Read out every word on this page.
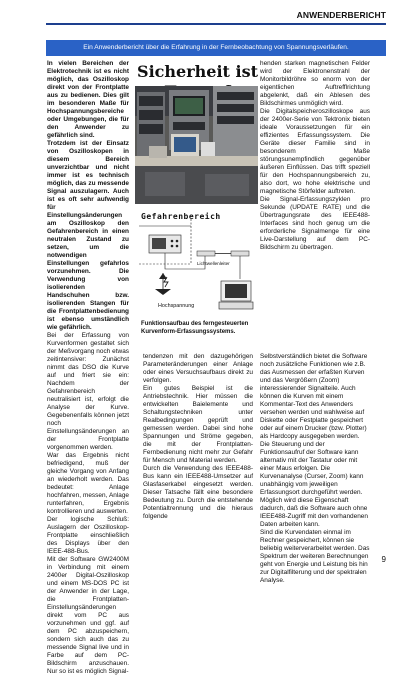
ANWENDERBERICHT
Ein Anwenderbericht über die Erfahrung in der Fernbeobachtung von Spannungsverläufen.

In vielen Bereichen der Elektrotechnik ist es nicht möglich, das Oszilloskop direkt von der Frontplatte aus zu bedienen. Dies gilt im besonderen Maße für Hochspannungsbereiche oder Umgebungen, die für den Anwender zu gefährlich sind.

Trotzdem ist der Einsatz von Oszilloskopen in diesem Bereich unverzichtbar und nicht immer ist es technisch möglich, das zu messende Signal auszulagern. Auch ist es oft sehr aufwendig für Einstellungsänderungen am Oszilloskop den Gefahrenbereich in einen neutralen Zustand zu setzen, um die notwendigen Einstellungen gefahrlos vorzunehmen. Die Verwendung von isolierenden Handschuhen bzw. isolierenden Stangen für die Frontplattenbedienung ist ebenso umständlich wie gefährlich.

Bei der Erfassung von Kurvenformen gestaltet sich der Meßvorgang noch etwas zeitintensiver: Zunächst nimmt das DSO die Kurve auf und friert sie ein: Nachdem der Gefahrenbereich neutralisiert ist, erfolgt die Analyse der Kurve. Gegebenenfalls können jetzt noch Einstellungsänderungen an der Frontplatte vorgenommen werden.

War das Ergebnis nicht befriedigend, muß der gleiche Vorgang von Anfang an wiederholt werden. Das bedeutet: Anlage hochfahren, messen, Anlage runterfahren, Ergebnis kontrollieren und auswerten.

Der logische Schluß: Auslagern der Oszilloskop-Frontplatte einschließlich des Displays über den IEEE-488-Bus.

Mit der Software GW2400M in Verbindung mit einem 2400er Digital-Oszilloskop und einem MS-DOS PC ist der Anwender in der Lage, die Frontplatten-Einstellungsänderungen direkt vom PC aus vorzunehmen und ggf. auf dem PC abzuspeichern, sondern sich auch das zu messende Signal live und in Farbe auf dem PC-Bildschirm anzuschauen. Nur so ist es möglich Signal-

Sicherheit ist
Gefahrenbereich
Lichtwellenleiter
Hochspannung
Funktionsaufbau des ferngesteuerten Kurvenform-Erfassungssystems.

tendenzen mit den dazugehörigen Parameteränderungen einer Anlage oder eines Versuchsaufbaus direkt zu verfolgen.

Ein gutes Beispiel ist die Antriebstechnik. Hier müssen die entwickelten Baielemente und Schaltungstechniken unter Realbedingungen geprüft und gemessen werden. Dabei sind hohe Spannungen und Ströme gegeben, die mit der Frontplatten-Fernbedienung nicht mehr zur Gefahr für Mensch und Material werden.

Durch die Verwendung des IEEE488-Bus kann ein IEEE488-Umsetzer auf Glasfaserkabel eingesetzt werden. Dieser Tatsache fällt eine besondere Bedeutung zu. Durch die entstehende Potentialtrennung und die hieraus folgende

henden starken magnetischen Felder wird der Elektronenstrahl der Monitorbildröhre so enorm von der eigentlichen Auftrefflrichtung abgelenkt, daß ein Ablesen des Bildschirmes unmöglich wird.

Die Digitalspeicheroszilloskope aus der 2400er-Serie von Tektronix bieten ideale Voraussetzungen für ein effizientes Erfassungssystem. Die Geräte dieser Familie sind in besonderem Maße störungsunempfindlich gegenüber äußeren Einflüssen. Das trifft speziell für den Hochspannungsbereich zu, also dort, wo hohe elektrische und magnetische Störfelder auftreten.

Die Signal-Erfassungszyklen pro Sekunde (UPDATE RATE) und die Übertragungsrate des IEEE488-Interfaces sind hoch genug um die erforderliche Signalmenge für eine Live-Darstellung auf dem PC-Bildschirm zu übertragen.

Selbstverständlich bietet die Software noch zusätzliche Funktionen wie z.B. das Ausmessen der erfaßten Kurven und das Vergrößern (Zoom) interessierender Signalteile. Auch können die Kurven mit einem Kommentar-Text des Anwenders versehen werden und wahlweise auf Diskette oder Festplatte gespeichert oder auf einem Drucker (bzw. Plotter) als Hardcopy ausgegeben werden. Die Steuerung und der Funktionsaufruf der Software kann alternativ mit der Tastatur oder mit einer Maus erfolgen. Die Kurvenanalyse (Curser, Zoom) kann unabhängig vom jeweiligen Erfassungsort durchgeführt werden. Möglich wird diese Eigenschaft dadurch, daß die Software auch ohne IEEE488-Zugriff mit den vorhandenen Daten arbeiten kann.

Sind die Kurvendaten einmal im Rechner gespeichert, können sie beliebig weiterverarbeitet werden. Das Spektrum der weiteren Berechnungen geht von Energie und Leistung bis hin zur Digitalfilterung und der spektralen Analyse.

9
